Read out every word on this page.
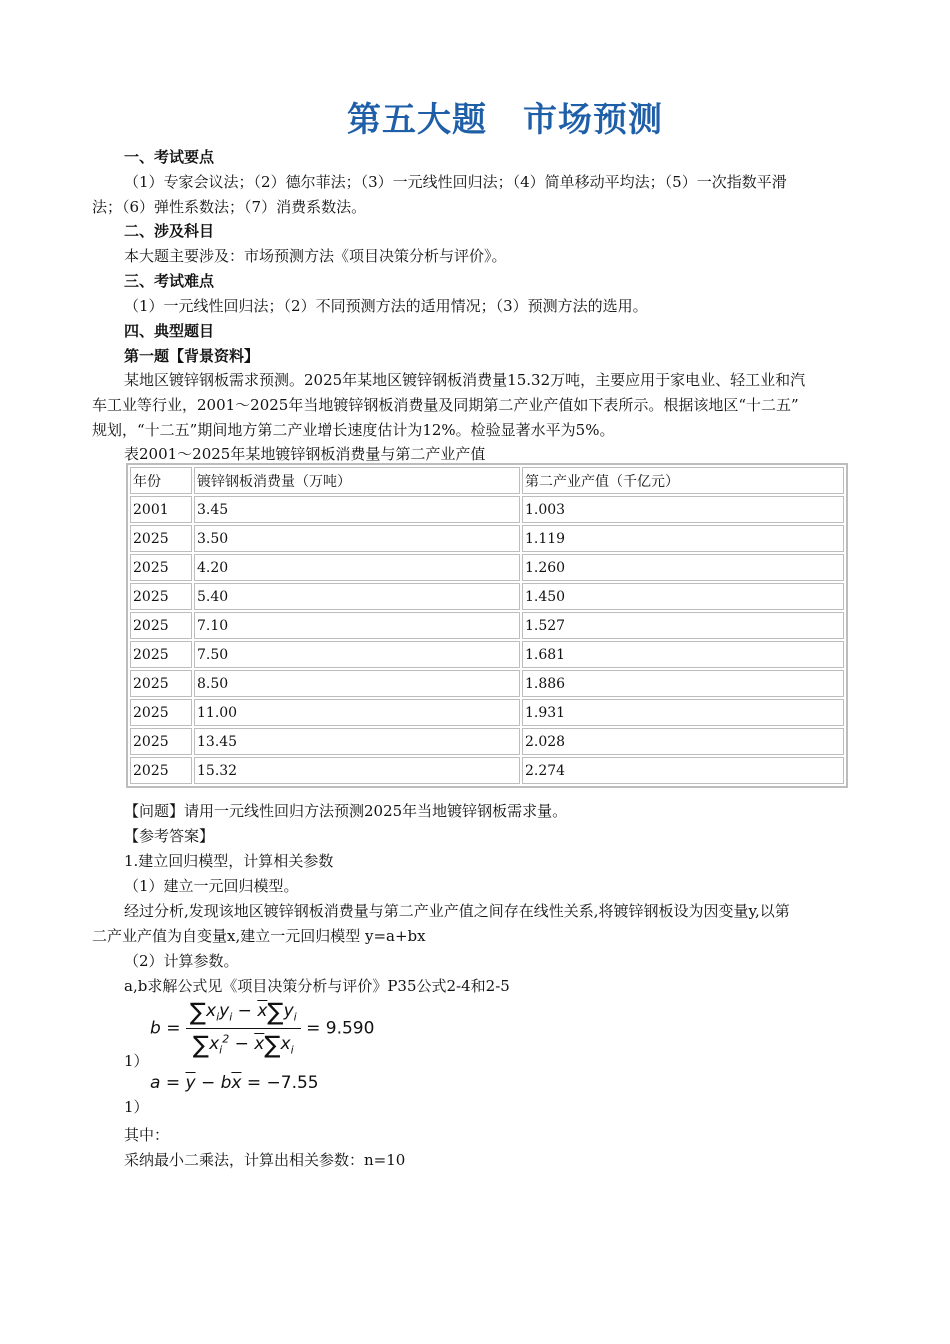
第五大题 市场预测
一、考试要点
（1）专家会议法；（2）德尔菲法；（3）一元线性回归法；（4）简单移动平均法；（5）一次指数平滑
法；（6）弹性系数法；（7）消费系数法。
二、涉及科目
本大题主要涉及：市场预测方法《项目决策分析与评价》。
三、考试难点
（1）一元线性回归法；（2）不同预测方法的适用情况；（3）预测方法的选用。
四、典型题目
第一题【背景资料】
某地区镀锌钢板需求预测。2025年某地区镀锌钢板消费量15.32万吨，主要应用于家电业、轻工业和汽
车工业等行业，2001～2025年当地镀锌钢板消费量及同期第二产业产值如下表所示。根据该地区“十二五”
规划，“十二五”期间地方第二产业增长速度估计为12%。检验显著水平为5%。
表2001～2025年某地镀锌钢板消费量与第二产业产值
年份	镀锌钢板消费量（万吨）	第二产业产值（千亿元）
2001	3.45	1.003
2025	3.50	1.119
2025	4.20	1.260
2025	5.40	1.450
2025	7.10	1.527
2025	7.50	1.681
2025	8.50	1.886
2025	11.00	1.931
2025	13.45	2.028
2025	15.32	2.274
【问题】请用一元线性回归方法预测2025年当地镀锌钢板需求量。
【参考答案】
1.建立回归模型，计算相关参数
（1）建立一元回归模型。
经过分析,发现该地区镀锌钢板消费量与第二产业产值之间存在线性关系,将镀锌钢板设为因变量y,以第
二产业产值为自变量x,建立一元回归模型 y=a+bx
（2）计算参数。
a,b求解公式见《项目决策分析与评价》P35公式2-4和2-5
$b = \frac{\sum x_iy_i - \overline{x}\sum y_i}{\sum x_i^2 - \overline{x}\sum x_i} = 9.590$
1）
$a = \overline{y} - b\overline{x} = -7.55$
1）
其中：
采纳最小二乘法，计算出相关参数：n=10
